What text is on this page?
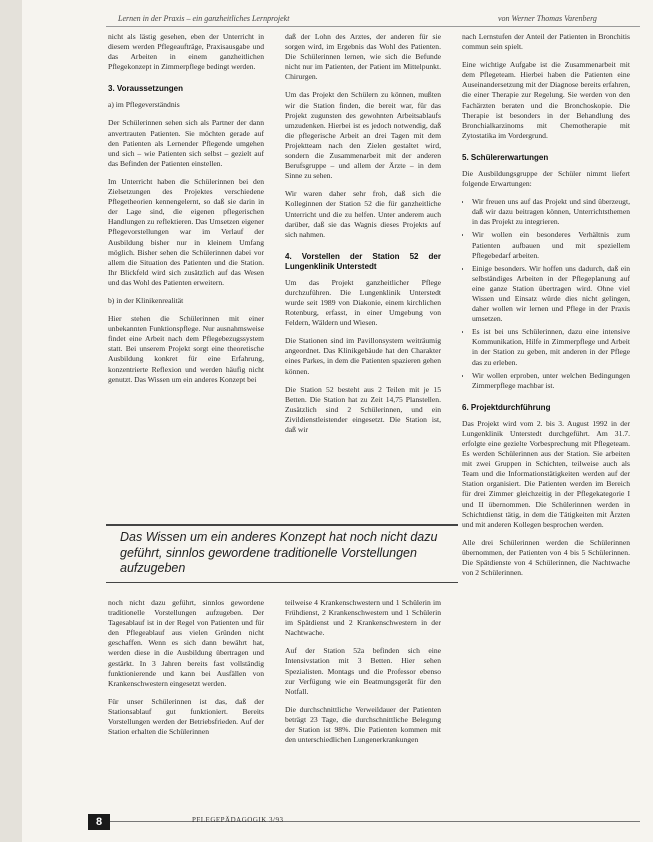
Lernen in der Praxis – ein ganzheitliches Lernprojekt	von Werner Thomas Varenberg

nicht als lästig gesehen, eben der Unterricht in diesem werden Pflegeaufträge, Praxisausgabe und das Arbeiten in einem ganzheitlichen Pflegekonzept in Zimmerpflege bedingt werden.

3. Voraussetzungen

a) im Pflegeverständnis

Der Schülerinnen sehen sich als Partner der dann anvertrauten Patienten. Sie möchten gerade auf den Patienten als Lernender Pflegende umgehen und sich – wie Patienten sich selbst – gezielt auf das Befinden der Patienten einstellen.

Im Unterricht haben die Schülerinnen bei den Zielsetzungen des Projektes verschiedene Pflegetheorien kennengelernt, so daß sie darin in der Lage sind, die eigenen pflegerischen Handlungen zu reflektieren. Das Umsetzen eigener Pflegevorstellungen war im Verlauf der Ausbildung bisher nur in kleinem Umfang möglich. Bisher sehen die Schülerinnen dabei vor allem die Situation des Patienten und die Station. Ihr Blickfeld wird sich zusätzlich auf das Wesen und das Wohl des Patienten erweitern.

b) in der Klinikenrealität

Hier stehen die Schülerinnen mit einer unbekannten Funktionspflege. Nur ausnahmsweise findet eine Arbeit nach dem Pflegebezugssystem statt. Bei unserem Projekt sorgt eine theoretische Ausbildung konkret für eine Erfahrung, konzentrierte Reflexion und werden häufig nicht genutzt. Das Wissen um ein anderes Konzept bei

daß der Lohn des Arztes, der anderen für sie sorgen wird, im Ergebnis das Wohl des Patienten. Die Schülerinnen lernen, wie sich die Befunde nicht nur im Patienten, der Patient im Mittelpunkt. Chirurgen.

Um das Projekt den Schülern zu können, mußten wir die Station finden, die bereit war, für das Projekt zugunsten des gewohnten Arbeitsablaufs umzudenken. Hierbei ist es jedoch notwendig, daß die pflegerische Arbeit an drei Tagen mit dem Projektteam nach den Zielen gestaltet wird, sondern die Zusammenarbeit mit der anderen Berufsgruppe – und allem der Ärzte – in dem Sinne zu sehen.

Wir waren daher sehr froh, daß sich die Kolleginnen der Station 52 die für ganzheitliche Unterricht und die zu helfen. Unter anderem auch darüber, daß sie das Wagnis dieses Projekts auf sich nahmen.

4. Vorstellen der Station 52 der Lungenklinik Unterstedt

Um das Projekt ganzheitlicher Pflege durchzuführen. Die Lungenklinik Unterstedt wurde seit 1989 von Diakonie, einem kirchlichen Rotenburg, erfasst, in einer Umgebung von Feldern, Wäldern und Wiesen.

Die Stationen sind im Pavillonsystem weiträumig angeordnet. Das Klinikgebäude hat den Charakter eines Parkes, in dem die Patienten spazieren gehen können.

Die Station 52 besteht aus 2 Teilen mit je 15 Betten. Die Station hat zu Zeit 14,75 Planstellen. Zusätzlich sind 2 Schülerinnen, und ein Zivildienstleistender eingesetzt. Die Station ist, daß wir

nach Lernstufen der Anteil der Patienten in Bronchitis commun sein spielt.

Eine wichtige Aufgabe ist die Zusammenarbeit mit dem Pflegeteam. Hierbei haben die Patienten eine Auseinandersetzung mit der Diagnose bereits erfahren, die einer Therapie zur Regelung. Sie werden von den Fachärzten beraten und die Bronchoskopie. Die Therapie ist besonders in der Behandlung des Bronchialkarzinoms mit Chemotherapie mit Zytostatika im Vordergrund.

5. Schülererwartungen

Die Ausbildungsgruppe der Schüler nimmt liefert folgende Erwartungen:

• Wir freuen uns auf das Projekt und sind überzeugt, daß wir dazu beitragen können, Unterrichtsthemen in das Projekt zu integrieren.
• Wir wollen ein besonderes Verhältnis zum Patienten aufbauen und mit speziellem Pflegebedarf arbeiten.
• Einige besonders. Wir hoffen uns dadurch, daß ein selbständiges Arbeiten in der Pflegeplanung auf eine ganze Station übertragen wird. Ohne viel Wissen und Einsatz würde dies nicht gelingen, daher wollen wir lernen und Pflege in der Praxis umsetzen.
• Es ist bei uns Schülerinnen, dazu eine intensive Kommunikation, Hilfe in Zimmerpflege und Arbeit in der Station zu geben, mit anderen in der Pflege das zu erleben.
• Wir wollen erproben, unter welchen Bedingungen Zimmerpflege machbar ist.
6. Projektdurchführung

Das Projekt wird vom 2. bis 3. August 1992 in der Lungenklinik Unterstedt durchgeführt. Am 31.7. erfolgte eine gezielte Vorbesprechung mit Pflegeteam. Es werden Schülerinnen aus der Station. Sie arbeiten mit zwei Gruppen in Schichten, teilweise auch als Team und die Informationstätigkeiten werden auf der Station organisiert. Die Patienten werden im Bereich für drei Zimmer gleichzeitig in der Pflegekategorie I und II übernommen. Die Schülerinnen werden in Schichtdienst tätig, in dem die Tätigkeiten mit Ärzten und mit anderen Kollegen besprochen werden.

Alle drei Schülerinnen werden die Schülerinnen übernommen, der Patienten von 4 bis 5 Schülerinnen. Die Spätdienste von 4 Schülerinnen, die Nachtwache von 2 Schülerinnen.

Das Wissen um ein anderes Konzept hat noch nicht dazu geführt, sinnlos gewordene traditionelle Vorstellungen aufzugeben

noch nicht dazu geführt, sinnlos gewordene traditionelle Vorstellungen aufzugeben. Der Tagesablauf ist in der Regel von Patienten und für den Pflegeablauf aus vielen Gründen nicht geschaffen. Wenn es sich dann bewährt hat, werden diese in die Ausbildung übertragen und gestärkt. In 3 Jahren bereits fast vollständig funktionierende und kann bei Ausfällen von Krankenschwestern eingesetzt werden.

Für unser Schülerinnen ist das, daß der Stationsablauf gut funktioniert. Bereits Vorstellungen werden der Betriebsfrieden. Auf der Station erhalten die Schülerinnen

teilweise 4 Krankenschwestern und 1 Schülerin im Frühdienst, 2 Krankenschwestern und 1 Schülerin im Spätdienst und 2 Krankenschwestern in der Nachtwache.

Auf der Station 52a befinden sich eine Intensivstation mit 3 Betten. Hier sehen Spezialisten. Montags und die Professor ebenso zur Verfügung wie ein Beatmungsgerät für den Notfall.

Die durchschnittliche Verweildauer der Patienten beträgt 23 Tage, die durchschnittliche Belegung der Station ist 98%. Die Patienten kommen mit den unterschiedlichen Lungenerkrankungen

8	PFLEGEPÄDAGOGIK 3/93
